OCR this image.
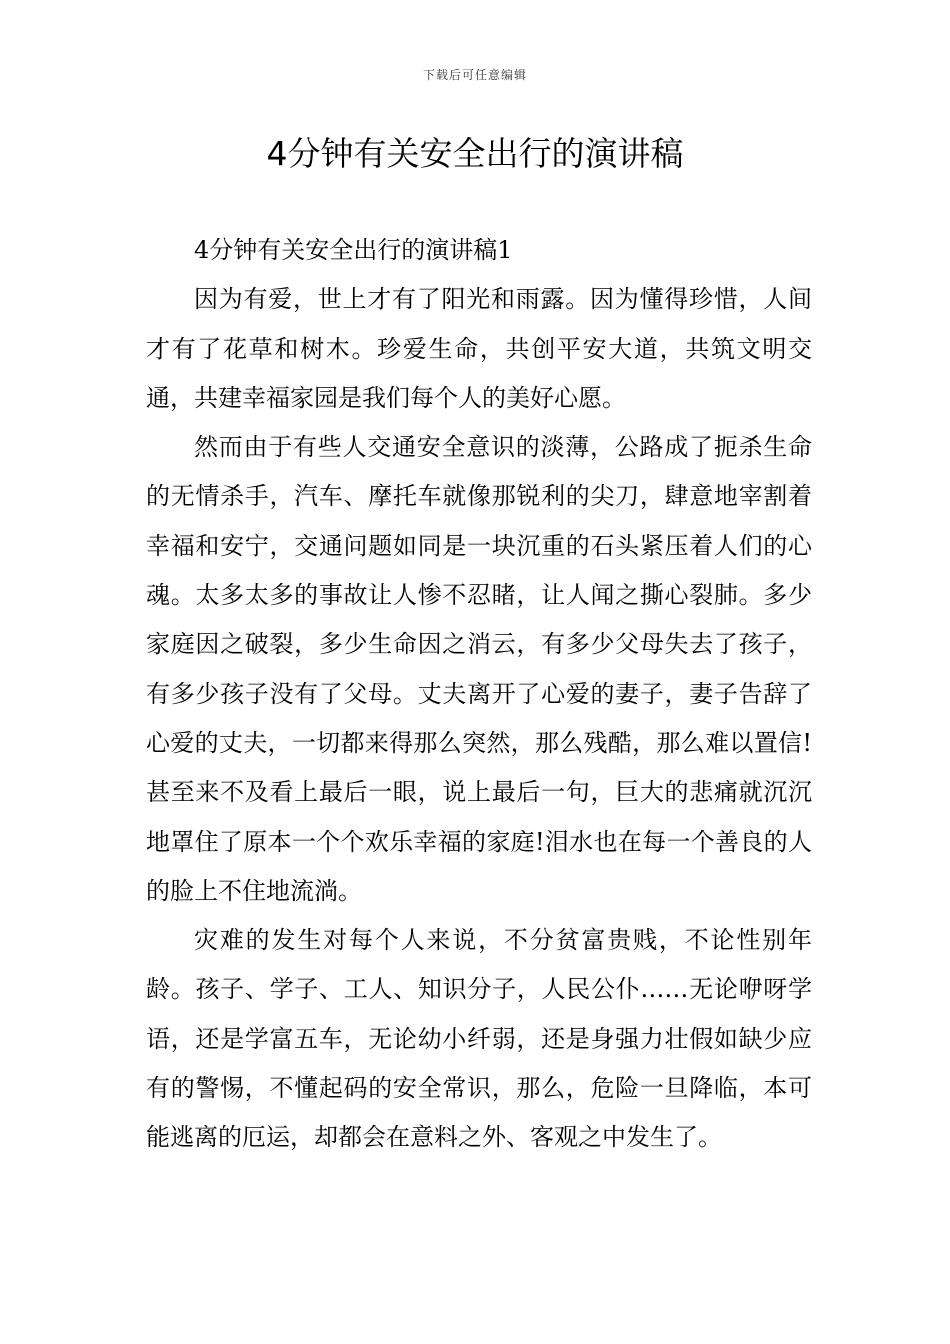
下载后可任意编辑
4分钟有关安全出行的演讲稿

4分钟有关安全出行的演讲稿1

因为有爱，世上才有了阳光和雨露。因为懂得珍惜，人间才有了花草和树木。珍爱生命，共创平安大道，共筑文明交通，共建幸福家园是我们每个人的美好心愿。

然而由于有些人交通安全意识的淡薄，公路成了扼杀生命的无情杀手，汽车、摩托车就像那锐利的尖刀，肆意地宰割着幸福和安宁，交通问题如同是一块沉重的石头紧压着人们的心魂。太多太多的事故让人惨不忍睹，让人闻之撕心裂肺。多少家庭因之破裂，多少生命因之消云，有多少父母失去了孩子，有多少孩子没有了父母。丈夫离开了心爱的妻子，妻子告辞了心爱的丈夫，一切都来得那么突然，那么残酷，那么难以置信!甚至来不及看上最后一眼，说上最后一句，巨大的悲痛就沉沉地罩住了原本一个个欢乐幸福的家庭!泪水也在每一个善良的人的脸上不住地流淌。

灾难的发生对每个人来说，不分贫富贵贱，不论性别年龄。孩子、学子、工人、知识分子，人民公仆……无论咿呀学语，还是学富五车，无论幼小纤弱，还是身强力壮假如缺少应有的警惕，不懂起码的安全常识，那么，危险一旦降临，本可能逃离的厄运，却都会在意料之外、客观之中发生了。
